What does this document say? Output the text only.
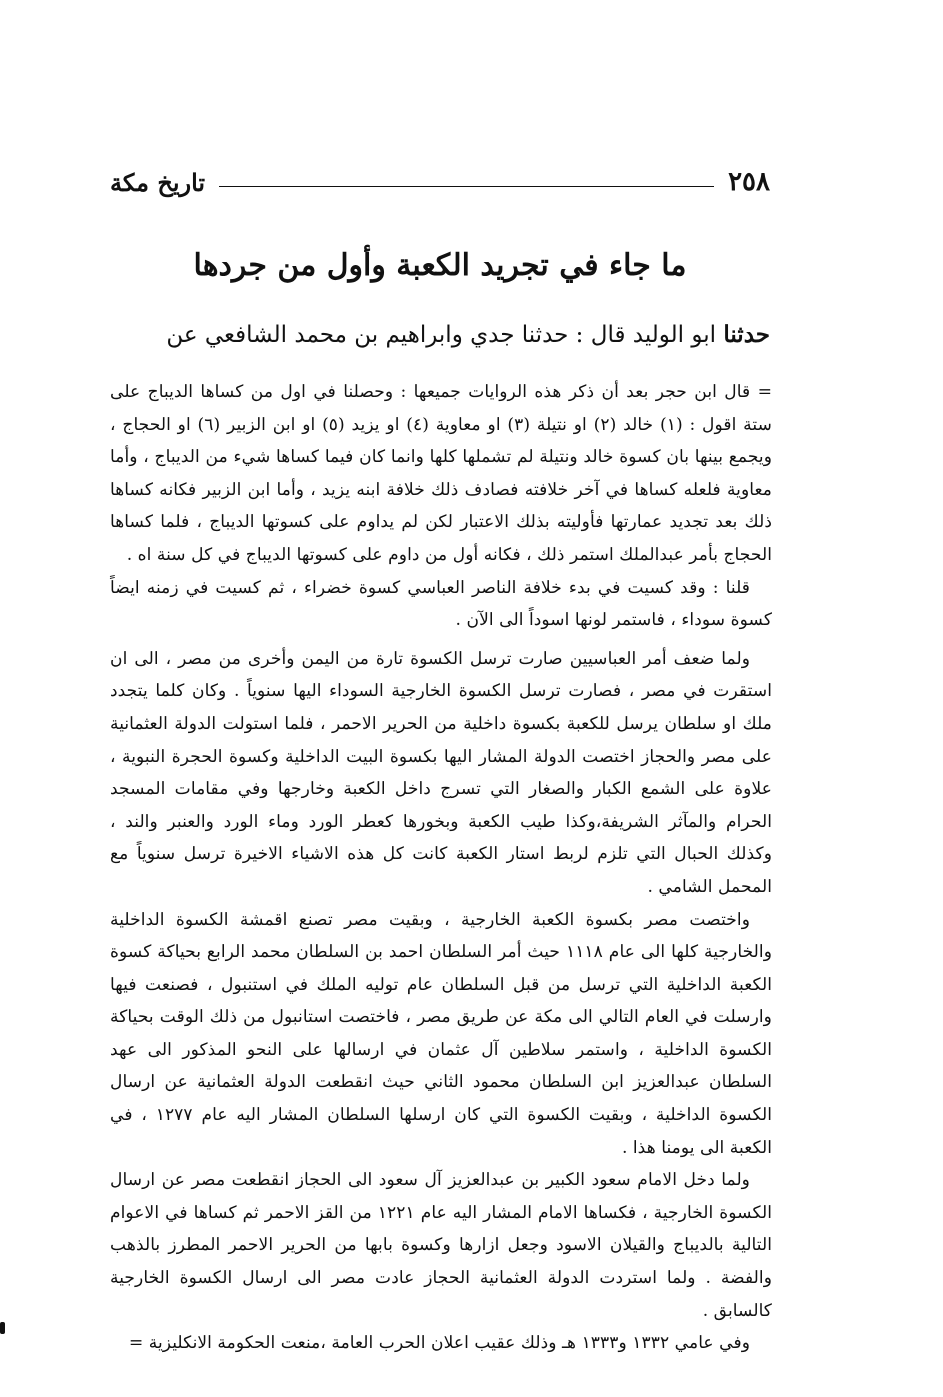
٢٥٨
تاريخ مكة
ما جاء في تجريد الكعبة وأول من جردها

حدثنا ابو الوليد قال : حدثنا جدي وابراهيم بن محمد الشافعي عن

= قال ابن حجر بعد أن ذكر هذه الروايات جميعها : وحصلنا في اول من كساها الديباج على ستة اقول : (١) خالد (٢) او نتيلة (٣) او معاوية (٤) او يزيد (٥) او ابن الزبير (٦) او الحجاج ، ويجمع بينها بان كسوة خالد ونتيلة لم تشملها كلها وانما كان فيما كساها شيء من الديباج ، وأما معاوية فلعله كساها في آخر خلافته فصادف ذلك خلافة ابنه يزيد ، وأما ابن الزبير فكانه كساها ذلك بعد تجديد عمارتها فأوليته بذلك الاعتبار لكن لم يداوم على كسوتها الديباج ، فلما كساها الحجاج بأمر عبدالملك استمر ذلك ، فكانه أول من داوم على كسوتها الديباج في كل سنة اه .

قلنا : وقد كسيت في بدء خلافة الناصر العباسي كسوة خضراء ، ثم كسيت في زمنه ايضاً كسوة سوداء ، فاستمر لونها اسوداً الى الآن .

ولما ضعف أمر العباسيين صارت ترسل الكسوة تارة من اليمن وأخرى من مصر ، الى ان استقرت في مصر ، فصارت ترسل الكسوة الخارجية السوداء اليها سنوياً . وكان كلما يتجدد ملك او سلطان يرسل للكعبة بكسوة داخلية من الحرير الاحمر ، فلما استولت الدولة العثمانية على مصر والحجاز اختصت الدولة المشار اليها بكسوة البيت الداخلية وكسوة الحجرة النبوية ، علاوة على الشمع الكبار والصغار التي تسرج داخل الكعبة وخارجها وفي مقامات المسجد الحرام والمآثر الشريفة،وكذا طيب الكعبة وبخورها كعطر الورد وماء الورد والعنبر والند ، وكذلك الحبال التي تلزم لربط استار الكعبة كانت كل هذه الاشياء الاخيرة ترسل سنوياً مع المحمل الشامي .

واختصت مصر بكسوة الكعبة الخارجية ، وبقيت مصر تصنع اقمشة الكسوة الداخلية والخارجية كلها الى عام ١١١٨ حيث أمر السلطان احمد بن السلطان محمد الرابع بحياكة كسوة الكعبة الداخلية التي ترسل من قبل السلطان عام توليه الملك في استنبول ، فصنعت فيها وارسلت في العام التالي الى مكة عن طريق مصر ، فاختصت استانبول من ذلك الوقت بحياكة الكسوة الداخلية ، واستمر سلاطين آل عثمان في ارسالها على النحو المذكور الى عهد السلطان عبدالعزيز ابن السلطان محمود الثاني حيث انقطعت الدولة العثمانية عن ارسال الكسوة الداخلية ، وبقيت الكسوة التي كان ارسلها السلطان المشار اليه عام ١٢٧٧ ، في الكعبة الى يومنا هذا .

ولما دخل الامام سعود الكبير بن عبدالعزيز آل سعود الى الحجاز انقطعت مصر عن ارسال الكسوة الخارجية ، فكساها الامام المشار اليه عام ١٢٢١ من القز الاحمر ثم كساها في الاعوام التالية بالديباج والقيلان الاسود وجعل ازارها وكسوة بابها من الحرير الاحمر المطرز بالذهب والفضة . ولما استردت الدولة العثمانية الحجاز عادت مصر الى ارسال الكسوة الخارجية كالسابق .

وفي عامي ١٣٣٢ و١٣٣٣ هـ وذلك عقيب اعلان الحرب العامة ،منعت الحكومة الانكليزية =
